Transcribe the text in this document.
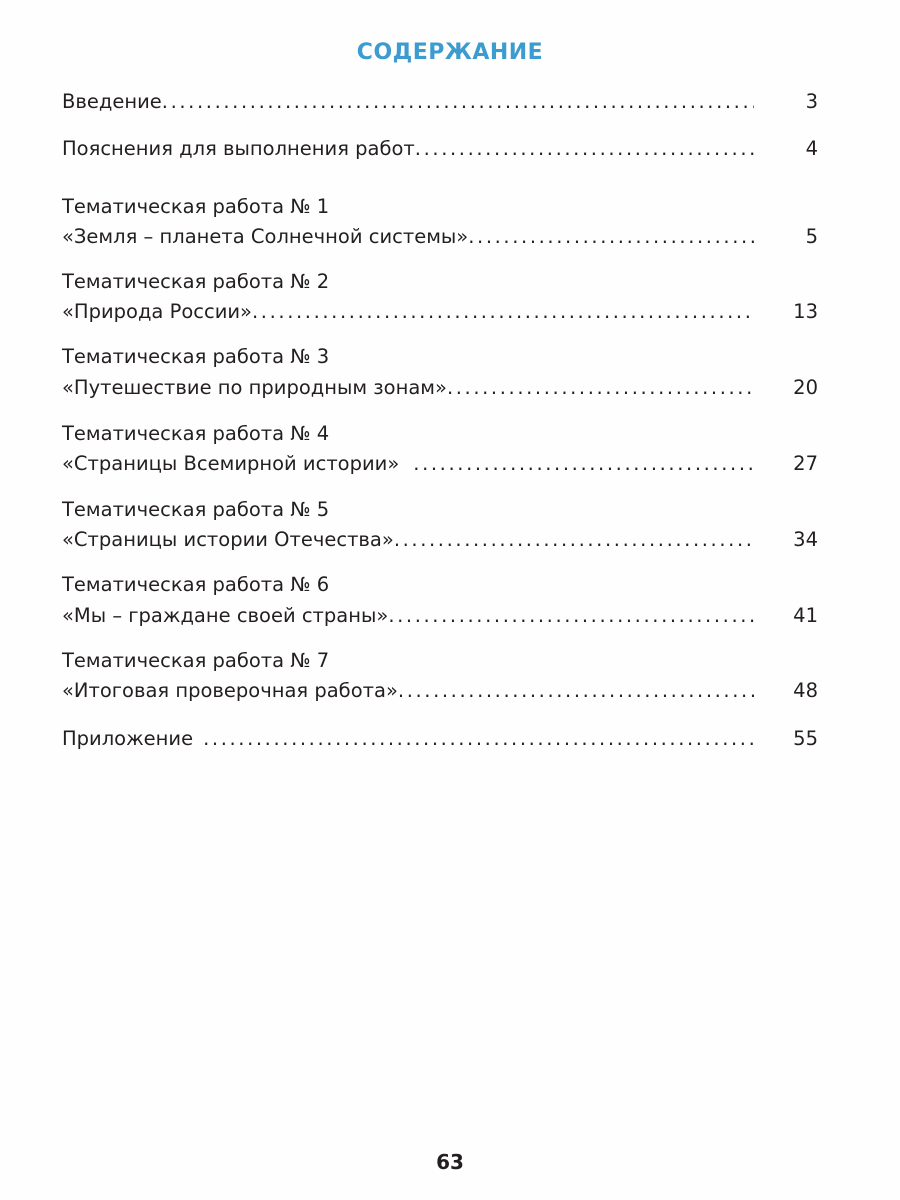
СОДЕРЖАНИЕ
Введение .....	3
Пояснения для выполнения работ .....	4
Тематическая работа № 1
«Земля – планета Солнечной системы» .....	5
Тематическая работа № 2
«Природа России» .....	13
Тематическая работа № 3
«Путешествие по природным зонам» .....	20
Тематическая работа № 4
«Страницы Всемирной истории» .....	27
Тематическая работа № 5
«Страницы истории Отечества» .....	34
Тематическая работа № 6
«Мы – граждане своей страны» .....	41
Тематическая работа № 7
«Итоговая проверочная работа» .....	48
Приложение .....	55
63
